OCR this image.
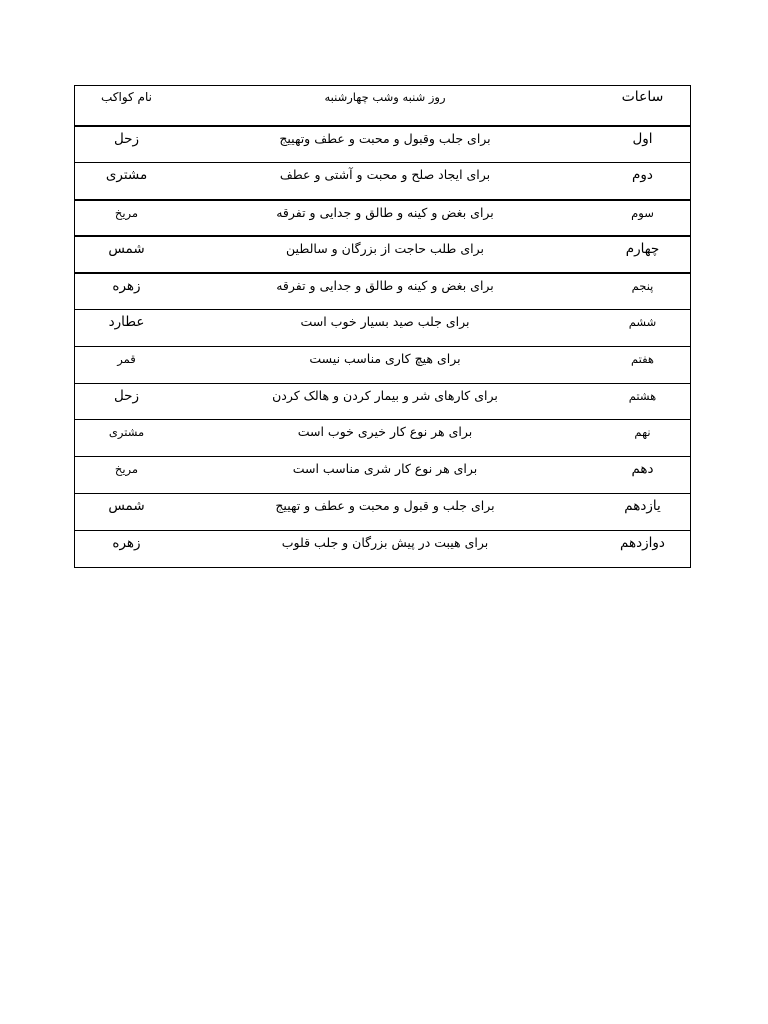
نام کواکب	روز شنبه وشب چهارشنبه	ساعات
زحل	برای جلب وقبول و محبت و عطف وتهییج	اول
مشتری	برای ایجاد صلح و محبت و آشتی و عطف	دوم
مریخ	برای بغض و کینه و طالق و جدایی و تفرقه	سوم
شمس	برای طلب حاجت از بزرگان و سالطین	چهارم
زهره	برای بغض و کینه و طالق و جدایی و تفرقه	پنجم
عطارد	برای جلب صید بسیار خوب است	ششم
قمر	برای هیچ کاری مناسب نیست	هفتم
زحل	برای کارهای شر و بیمار کردن و هالک کردن	هشتم
مشتری	برای هر نوع کار خیری خوب است	نهم
مریخ	برای هر نوع کار شری مناسب است	دهم
شمس	برای جلب و قبول و محبت و عطف و تهییج	یازدهم
زهره	برای هیبت در پیش بزرگان و جلب قلوب	دوازدهم
